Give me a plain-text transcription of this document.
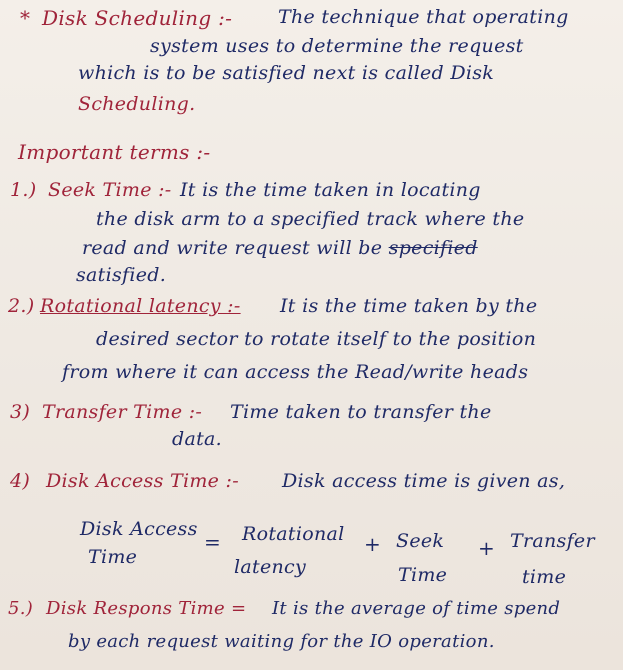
* Disk Scheduling :- The technique that operating
system uses to determine the request
which is to be satisfied next is called Disk
Scheduling.
Important terms :-
1.) Seek Time :- It is the time taken in locating
the disk arm to a specified track where the
read and write request will be specified
satisfied.
2.) Rotational latency :- It is the time taken by the
desired sector to rotate itself to the position
from where it can access the Read/write heads
3) Transfer Time :- Time taken to transfer the
data.
4) Disk Access Time :- Disk access time is given as,
Disk Access
Time
= Rotational
latency
+ Seek
Time
+ Transfer
time
5.) Disk Respons Time = It is the average of time spend
by each request waiting for the IO operation.
